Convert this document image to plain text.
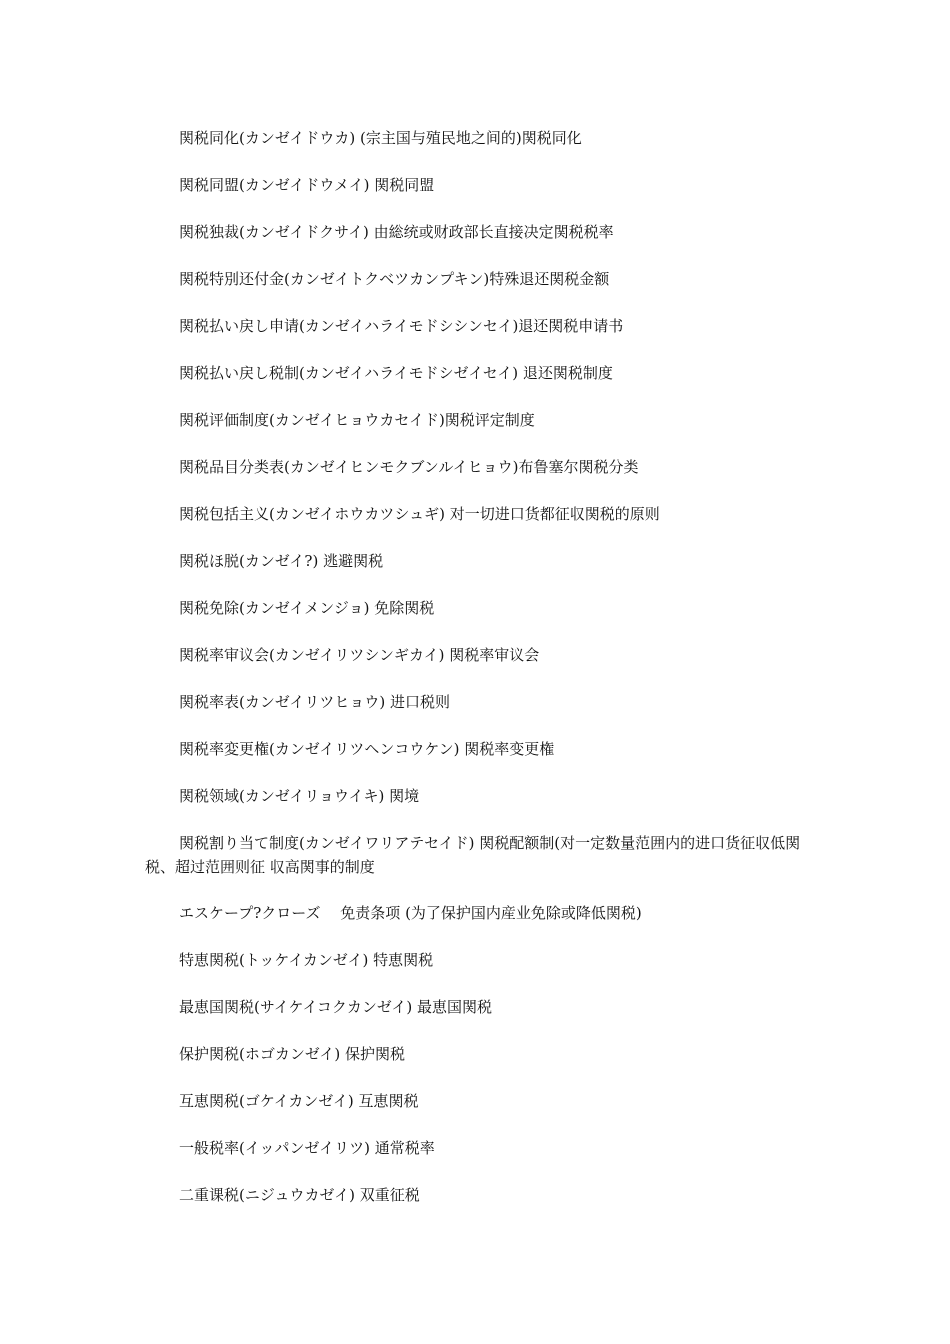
関税同化(カンゼイドウカ) (宗主国与殖民地之间的)関税同化

関税同盟(カンゼイドウメイ) 関税同盟

関税独裁(カンゼイドクサイ) 由総统或财政部长直接决定関税税率

関税特別还付金(カンゼイトクベツカンプキン)特殊退还関税金额

関税払い戻し申请(カンゼイハライモドシシンセイ)退还関税申请书

関税払い戻し税制(カンゼイハライモドシゼイセイ) 退还関税制度

関税评価制度(カンゼイヒョウカセイド)関税评定制度

関税品目分类表(カンゼイヒンモクブンルイヒョウ)布鲁塞尔関税分类

関税包括主义(カンゼイホウカツシュギ) 对一切进口货都征収関税的原则

関税ほ脱(カンゼイ?) 逃避関税

関税免除(カンゼイメンジョ) 免除関税

関税率审议会(カンゼイリツシンギカイ) 関税率审议会

関税率表(カンゼイリツヒョウ) 进口税则

関税率変更権(カンゼイリツヘンコウケン) 関税率变更権

関税领域(カンゼイリョウイキ) 関境

関税割り当て制度(カンゼイワリアテセイド) 関税配额制(对一定数量范囲内的进口货征収低関税、超过范囲则征 収高関事的制度

エスケープ?クローズ　 免责条项 (为了保护国内産业免除或降低関税)

特恵関税(トッケイカンゼイ) 特恵関税

最恵国関税(サイケイコクカンゼイ) 最恵国関税

保护関税(ホゴカンゼイ) 保护関税

互恵関税(ゴケイカンゼイ) 互恵関税

一般税率(イッパンゼイリツ) 通常税率

二重课税(ニジュウカゼイ) 双重征税
